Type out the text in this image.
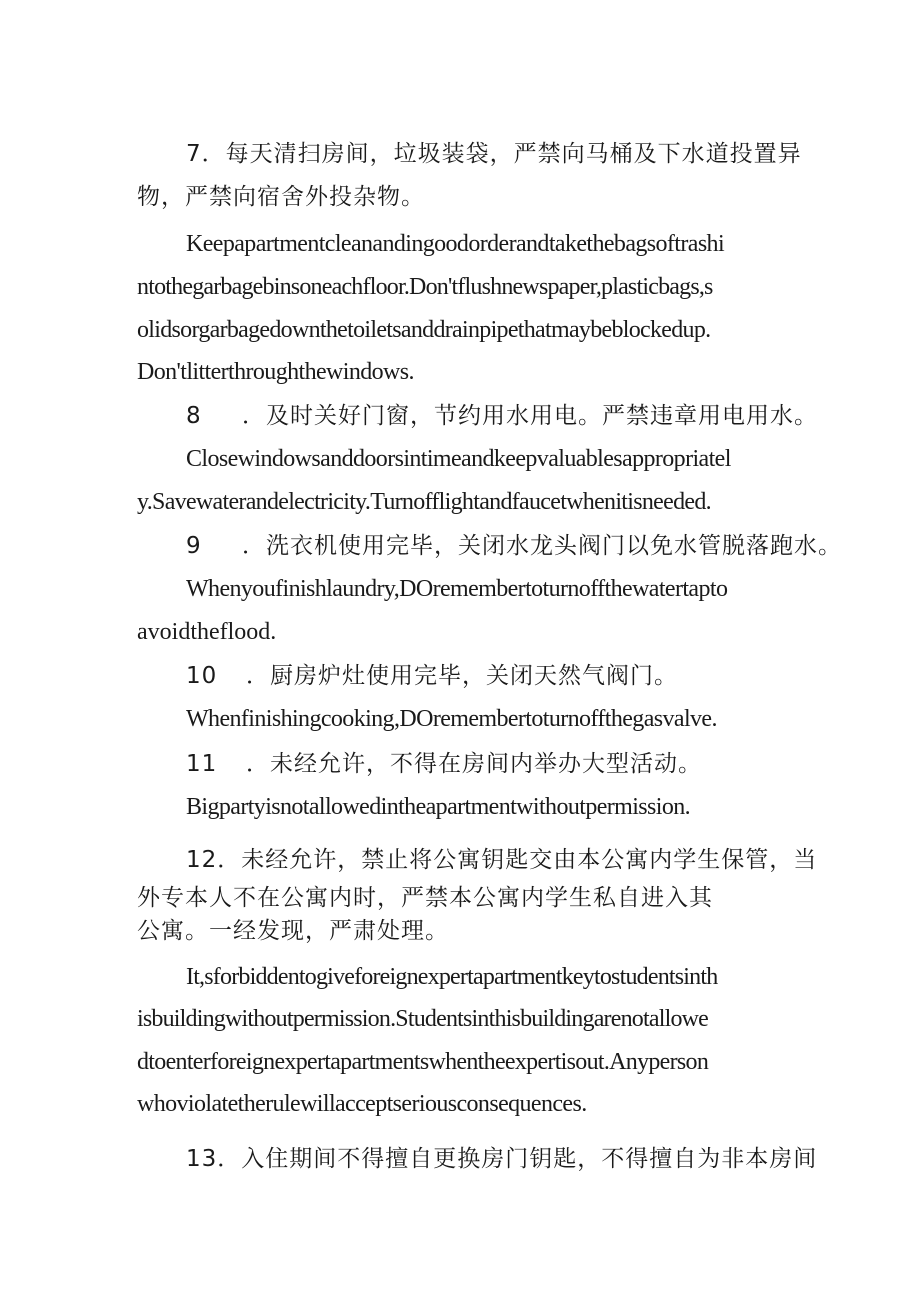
7．每天清扫房间，垃圾装袋，严禁向马桶及下水道投置异
物，严禁向宿舍外投杂物。
Keepapartmentcleanandingoodorderandtakethebagsoftrashi
ntothegarbagebinsoneachfloor.Don'tflushnewspaper,plasticbags,s
olidsorgarbagedownthetoiletsanddrainpipethatmaybeblockedup.
Don'tlitterthroughthewindows.
8 ．及时关好门窗，节约用水用电。严禁违章用电用水。
Closewindowsanddoorsintimeandkeepvaluablesappropriatel
y.Savewaterandelectricity.Turnofflightandfaucetwhenitisneeded.
9 ．洗衣机使用完毕，关闭水龙头阀门以免水管脱落跑水。
Whenyoufinishlaundry,DOremembertoturnoffthewatertapto
avoidtheflood.
10 ．厨房炉灶使用完毕，关闭天然气阀门。
Whenfinishingcooking,DOremembertoturnoffthegasvalve.
11 ．未经允许，不得在房间内举办大型活动。
Bigpartyisnotallowedintheapartmentwithoutpermission.
12．未经允许，禁止将公寓钥匙交由本公寓内学生保管，当
外专本人不在公寓内时，严禁本公寓内学生私自进入其
公寓。一经发现，严肃处理。
It,sforbiddentogiveforeignexpertapartmentkeytostudentsinth
isbuildingwithoutpermission.Studentsinthisbuildingarenotallowe
dtoenterforeignexpertapartmentswhentheexpertisout.Anyperson
whoviolatetherulewillacceptseriousconsequences.
13．入住期间不得擅自更换房门钥匙，不得擅自为非本房间
